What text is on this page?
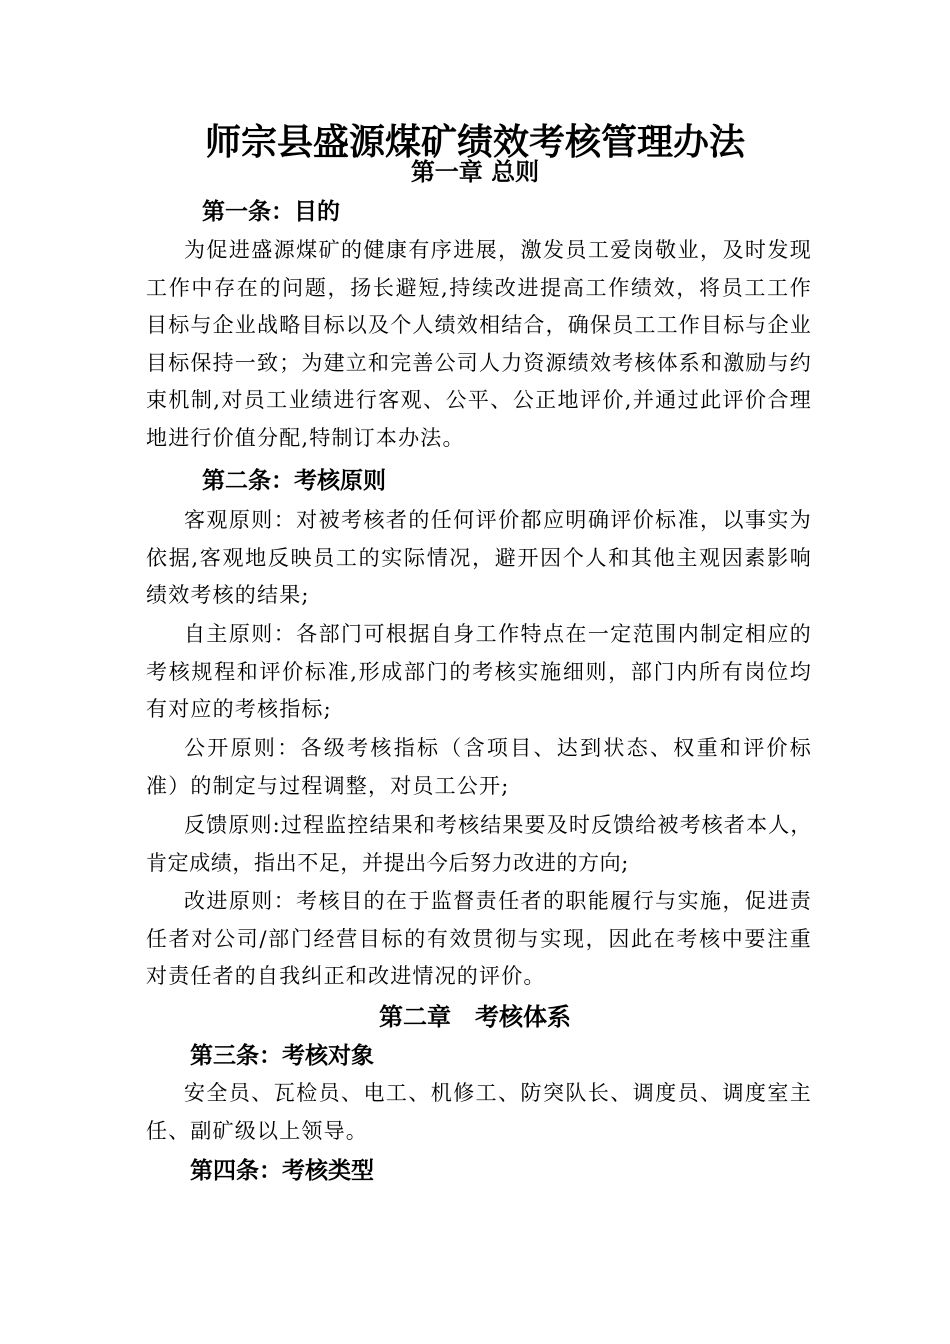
师宗县盛源煤矿绩效考核管理办法
第一章 总则
第一条：目的
为促进盛源煤矿的健康有序进展，激发员工爱岗敬业，及时发现工作中存在的问题，扬长避短,持续改进提高工作绩效，将员工工作目标与企业战略目标以及个人绩效相结合，确保员工工作目标与企业目标保持一致；为建立和完善公司人力资源绩效考核体系和激励与约束机制,对员工业绩进行客观、公平、公正地评价,并通过此评价合理地进行价值分配,特制订本办法。
第二条：考核原则
客观原则：对被考核者的任何评价都应明确评价标准，以事实为依据,客观地反映员工的实际情况，避开因个人和其他主观因素影响绩效考核的结果;
自主原则：各部门可根据自身工作特点在一定范围内制定相应的考核规程和评价标准,形成部门的考核实施细则，部门内所有岗位均有对应的考核指标;
公开原则：各级考核指标（含项目、达到状态、权重和评价标准）的制定与过程调整，对员工公开;
反馈原则:过程监控结果和考核结果要及时反馈给被考核者本人，肯定成绩，指出不足，并提出今后努力改进的方向;
改进原则：考核目的在于监督责任者的职能履行与实施，促进责任者对公司/部门经营目标的有效贯彻与实现，因此在考核中要注重对责任者的自我纠正和改进情况的评价。
第二章　考核体系
第三条：考核对象
安全员、瓦检员、电工、机修工、防突队长、调度员、调度室主任、副矿级以上领导。
第四条：考核类型
